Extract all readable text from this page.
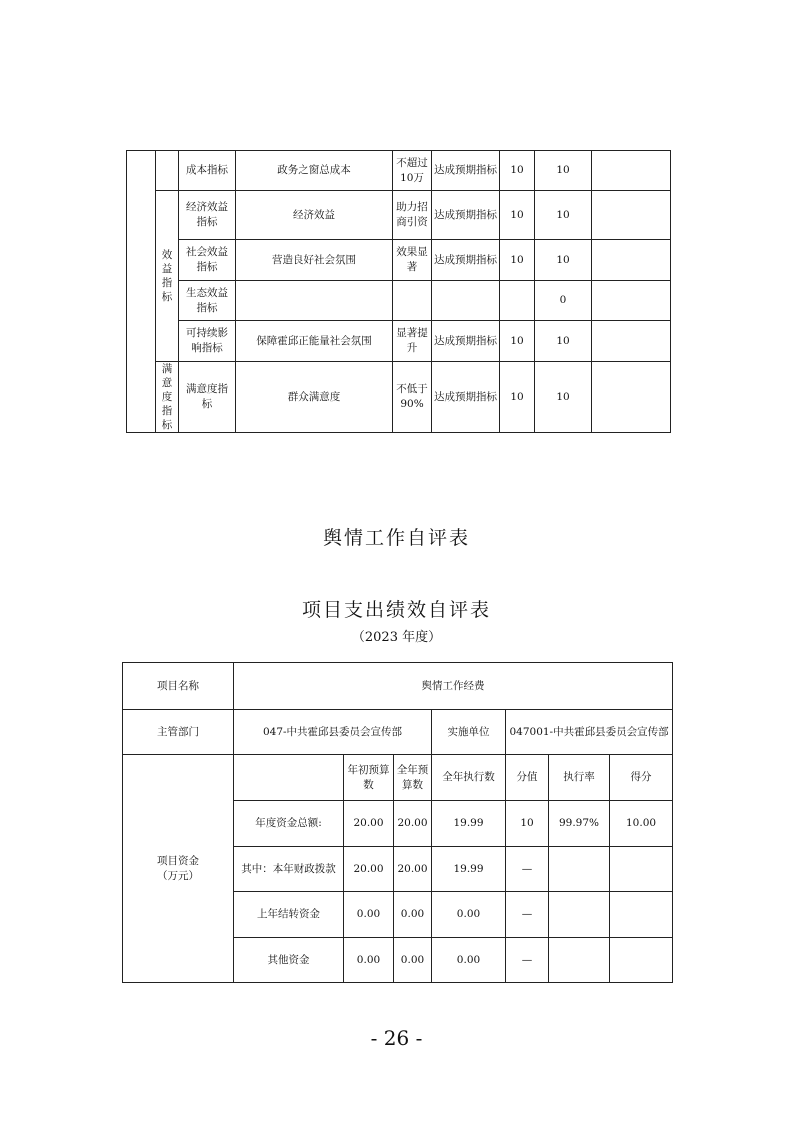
		成本指标	政务之窗总成本	不超过10万	达成预期指标	10	10	
	效益指标	经济效益指标	经济效益	助力招商引资	达成预期指标	10	10	
		社会效益指标	营造良好社会氛围	效果显著	达成预期指标	10	10	
		生态效益指标					0	
		可持续影响指标	保障霍邱正能量社会氛围	显著提升	达成预期指标	10	10	
	满意度指标	满意度指标	群众满意度	不低于90%	达成预期指标	10	10	
舆情工作自评表
项目支出绩效自评表
（2023 年度）
项目名称	舆情工作经费						
主管部门	047-中共霍邱县委员会宣传部			实施单位	047001-中共霍邱县委员会宣传部		

项目资金
（万元）		年初预算数	全年预算数	全年执行数	分值	执行率	得分
	年度资金总额:	20.00	20.00	19.99	10	99.97%	10.00
	其中：本年财政拨款	20.00	20.00	19.99	—		
	上年结转资金	0.00	0.00	0.00	—		
	其他资金	0.00	0.00	0.00	—		
- 26 -
